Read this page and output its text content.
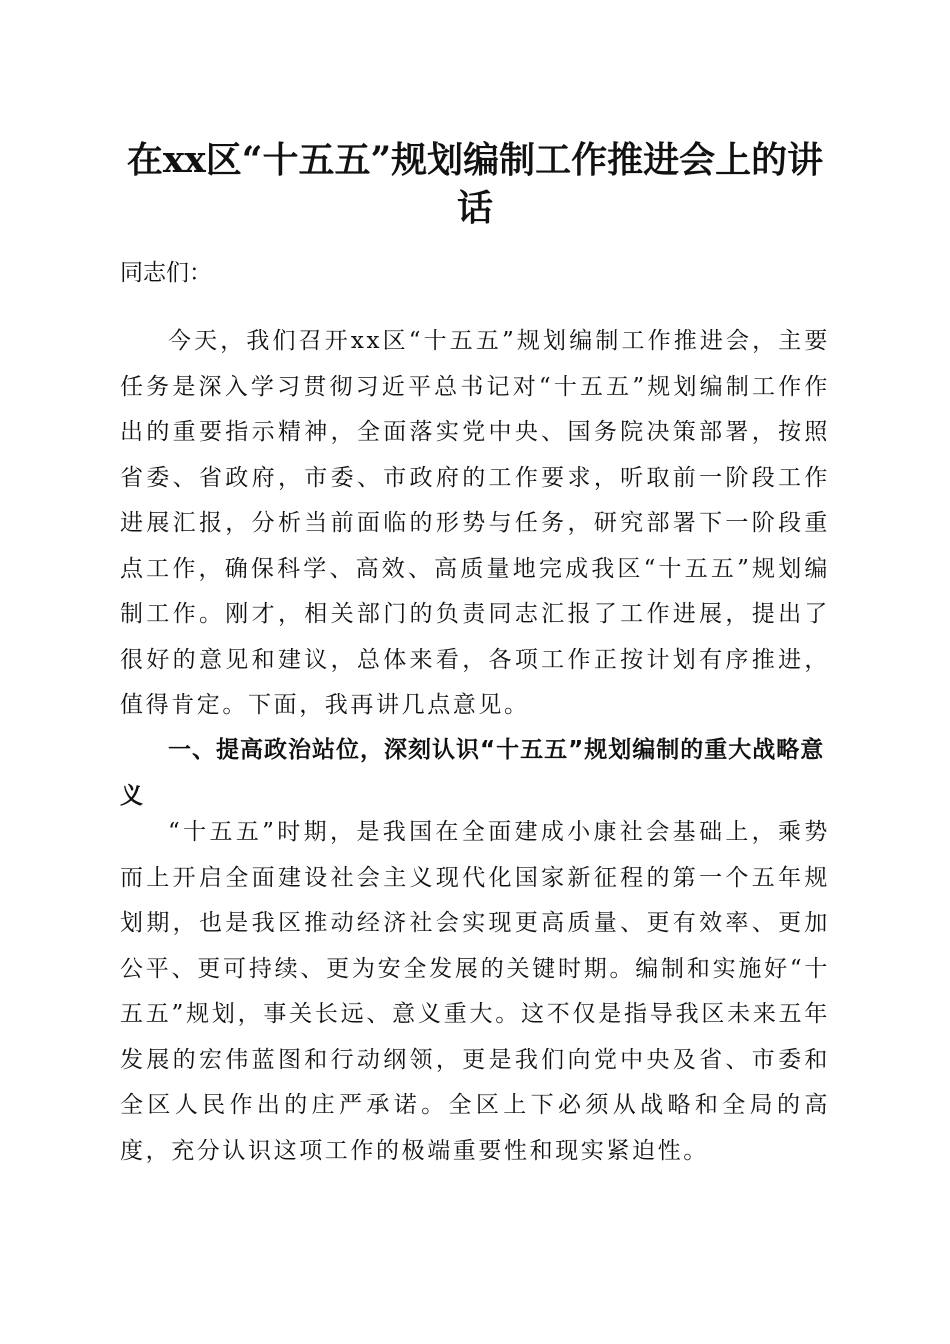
在xx区“十五五”规划编制工作推进会上的讲话

同志们：

今天，我们召开xx区“十五五”规划编制工作推进会，主要任务是深入学习贯彻习近平总书记对“十五五”规划编制工作作出的重要指示精神，全面落实党中央、国务院决策部署，按照省委、省政府，市委、市政府的工作要求，听取前一阶段工作进展汇报，分析当前面临的形势与任务，研究部署下一阶段重点工作，确保科学、高效、高质量地完成我区“十五五”规划编制工作。刚才，相关部门的负责同志汇报了工作进展，提出了很好的意见和建议，总体来看，各项工作正按计划有序推进，值得肯定。下面，我再讲几点意见。

一、提高政治站位，深刻认识“十五五”规划编制的重大战略意义

“十五五”时期，是我国在全面建成小康社会基础上，乘势而上开启全面建设社会主义现代化国家新征程的第一个五年规划期，也是我区推动经济社会实现更高质量、更有效率、更加公平、更可持续、更为安全发展的关键时期。编制和实施好“十五五”规划，事关长远、意义重大。这不仅是指导我区未来五年发展的宏伟蓝图和行动纲领，更是我们向党中央及省、市委和全区人民作出的庄严承诺。全区上下必须从战略和全局的高度，充分认识这项工作的极端重要性和现实紧迫性。
